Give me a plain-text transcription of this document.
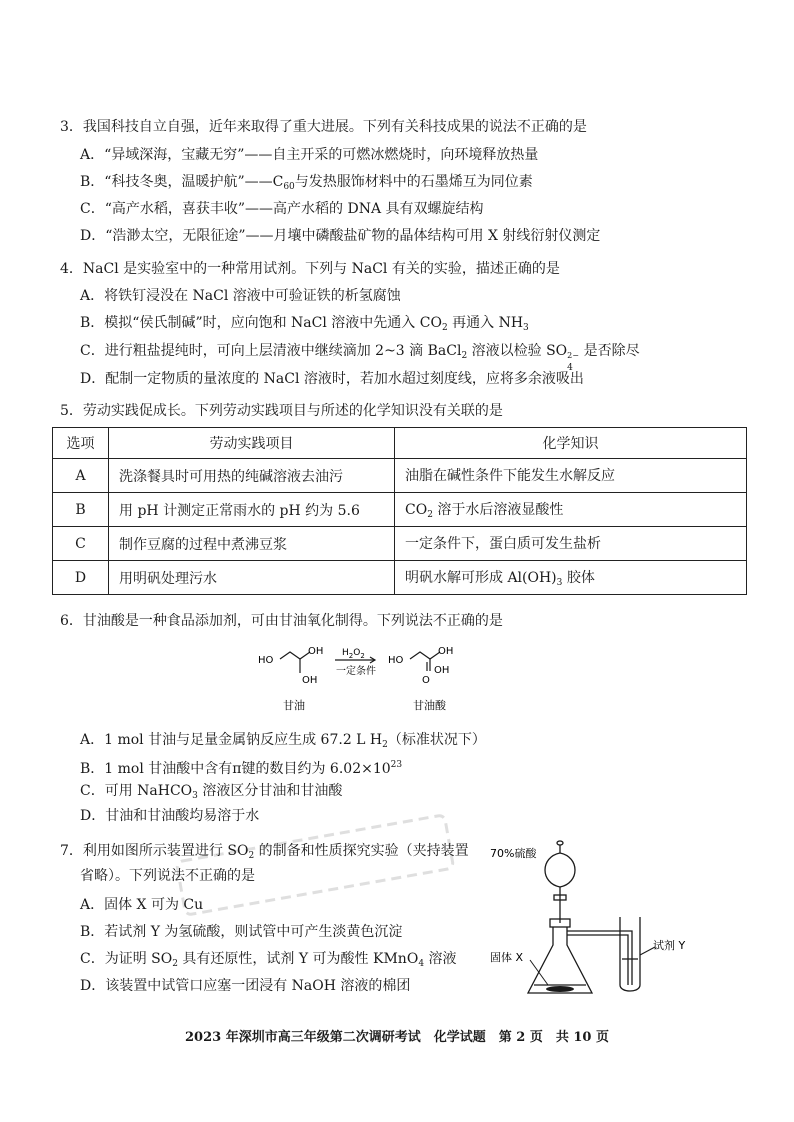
3．我国科技自立自强，近年来取得了重大进展。下列有关科技成果的说法不正确的是
A．“异域深海，宝藏无穷”——自主开采的可燃冰燃烧时，向环境释放热量
B．“科技冬奥，温暖护航$”——C_{60}$与发热服饰材料中的石墨烯互为同位素
C．“高产水稻，喜获丰收”——高产水稻的 DNA 具有双螺旋结构
D．“浩渺太空，无限征途”——月壤中磷酸盐矿物的晶体结构可用 X 射线衍射仪测定
4．NaCl 是实验室中的一种常用试剂。下列与 NaCl 有关的实验，描述正确的是
A．将铁钉浸没在 NaCl 溶液中可验证铁的析氢腐蚀
B．模拟“侯氏制碱”时，应向饱和 NaCl 溶液中先通入 $CO_2$ 再通入 $NH_3$
C．进行粗盐提纯时，可向上层清液中继续滴加 2~3 滴 BaCl$_2$ 溶液以检验 SO 2−
4
是否除尽
D．配制一定物质的量浓度的 NaCl 溶液时，若加水超过刻度线，应将多余液吸出
5．劳动实践促成长。下列劳动实践项目与所述的化学知识没有关联的是
选项	劳动实践项目	化学知识
A	洗涤餐具时可用热的纯碱溶液去油污	油脂在碱性条件下能发生水解反应
B	用 pH 计测定正常雨水的 pH 约为 5.6	$CO_2$ 溶于水后溶液显酸性
C	制作豆腐的过程中煮沸豆浆	一定条件下，蛋白质可发生盐析
D	用明矾处理污水	明矾水解可形成 $Al(OH)_3$ 胶体
6．甘油酸是一种食品添加剂，可由甘油氧化制得。下列说法不正确的是
HO
OH
OH
$H_2O_2$
一定条件
HO
OH
O
OH
甘油	甘油酸
A．1 mol 甘油与足量金属钠反应生成 67.2 L $H_2$（标准状况下）
B．1 mol 甘油酸中含有π键的数目约为 $6.02\times 10^{23}$
C．可用 NaHCO$_3$ 溶液区分甘油和甘油酸
D．甘油和甘油酸均易溶于水
7．利用如图所示装置进行 $SO_2$ 的制备和性质探究实验（夹持装置
省略）。下列说法不正确的是
A．固体 X 可为 Cu
B．若试剂 Y 为氢硫酸，则试管中可产生淡黄色沉淀
C．为证明 $SO_2$ 具有还原性，试剂 Y 可为酸性 KMnO$_4$ 溶液
D．该装置中试管口应塞一团浸有 NaOH 溶液的棉团
70%硫酸
固体 X
试剂 Y
2023 年深圳市高三年级第二次调研考试　化学试题　第 2 页　共 10 页
